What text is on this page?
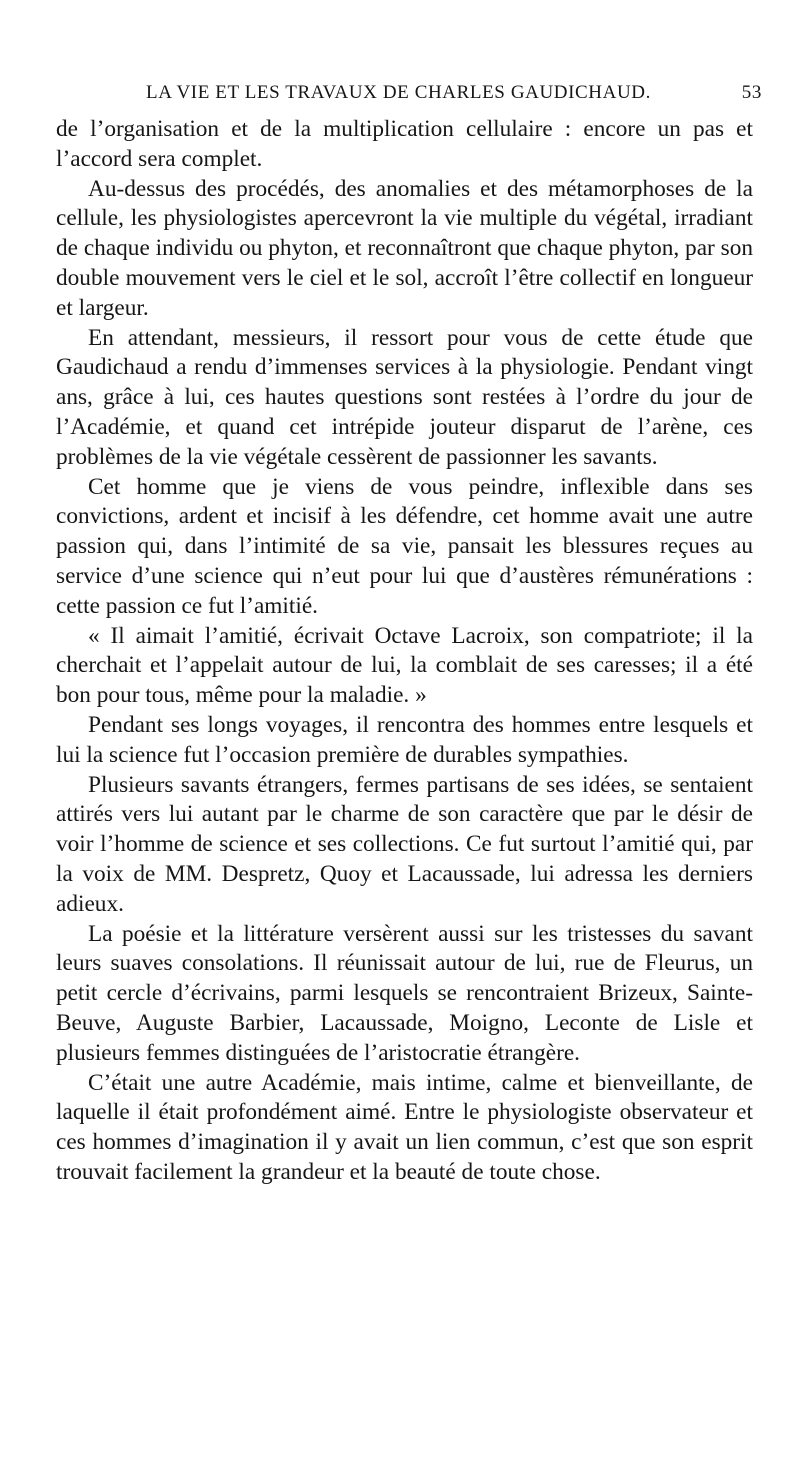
LA VIE ET LES TRAVAUX DE CHARLES GAUDICHAUD.	53

de l’organisation et de la multiplication cellulaire : encore un pas et l’accord sera complet.

Au-dessus des procédés, des anomalies et des métamorphoses de la cellule, les physiologistes apercevront la vie multiple du végétal, irradiant de chaque individu ou phyton, et reconnaîtront que chaque phyton, par son double mouvement vers le ciel et le sol, accroît l’être collectif en longueur et largeur.

En attendant, messieurs, il ressort pour vous de cette étude que Gaudichaud a rendu d’immenses services à la physiologie. Pendant vingt ans, grâce à lui, ces hautes questions sont restées à l’ordre du jour de l’Académie, et quand cet intrépide jouteur disparut de l’arène, ces problèmes de la vie végétale cessèrent de passionner les savants.

Cet homme que je viens de vous peindre, inflexible dans ses convictions, ardent et incisif à les défendre, cet homme avait une autre passion qui, dans l’intimité de sa vie, pansait les blessures reçues au service d’une science qui n’eut pour lui que d’austères rémunérations : cette passion ce fut l’amitié.

« Il aimait l’amitié, écrivait Octave Lacroix, son compatriote; il la cherchait et l’appelait autour de lui, la comblait de ses caresses; il a été bon pour tous, même pour la maladie. »

Pendant ses longs voyages, il rencontra des hommes entre lesquels et lui la science fut l’occasion première de durables sympathies.

Plusieurs savants étrangers, fermes partisans de ses idées, se sentaient attirés vers lui autant par le charme de son caractère que par le désir de voir l’homme de science et ses collections. Ce fut surtout l’amitié qui, par la voix de MM. Despretz, Quoy et Lacaussade, lui adressa les derniers adieux.

La poésie et la littérature versèrent aussi sur les tristesses du savant leurs suaves consolations. Il réunissait autour de lui, rue de Fleurus, un petit cercle d’écrivains, parmi lesquels se rencontraient Brizeux, Sainte-Beuve, Auguste Barbier, Lacaussade, Moigno, Leconte de Lisle et plusieurs femmes distinguées de l’aristocratie étrangère.

C’était une autre Académie, mais intime, calme et bienveillante, de laquelle il était profondément aimé. Entre le physiologiste observateur et ces hommes d’imagination il y avait un lien commun, c’est que son esprit trouvait facilement la grandeur et la beauté de toute chose.
